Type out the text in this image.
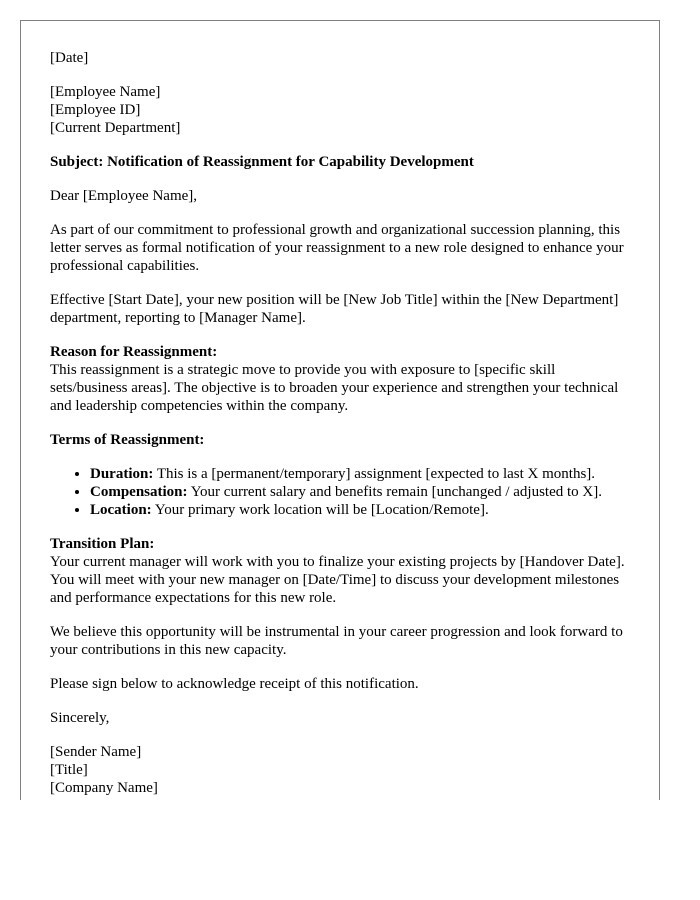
[Date]

[Employee Name]
[Employee ID]
[Current Department]

Subject: Notification of Reassignment for Capability Development

Dear [Employee Name],

As part of our commitment to professional growth and organizational succession planning, this letter serves as formal notification of your reassignment to a new role designed to enhance your professional capabilities.

Effective [Start Date], your new position will be [New Job Title] within the [New Department] department, reporting to [Manager Name].

Reason for Reassignment:
This reassignment is a strategic move to provide you with exposure to [specific skill sets/business areas]. The objective is to broaden your experience and strengthen your technical and leadership competencies within the company.

Terms of Reassignment:

• Duration: This is a [permanent/temporary] assignment [expected to last X months].
• Compensation: Your current salary and benefits remain [unchanged / adjusted to X].
• Location: Your primary work location will be [Location/Remote].

Transition Plan:
Your current manager will work with you to finalize your existing projects by [Handover Date]. You will meet with your new manager on [Date/Time] to discuss your development milestones and performance expectations for this new role.

We believe this opportunity will be instrumental in your career progression and look forward to your contributions in this new capacity.

Please sign below to acknowledge receipt of this notification.

Sincerely,

[Sender Name]
[Title]
[Company Name]
